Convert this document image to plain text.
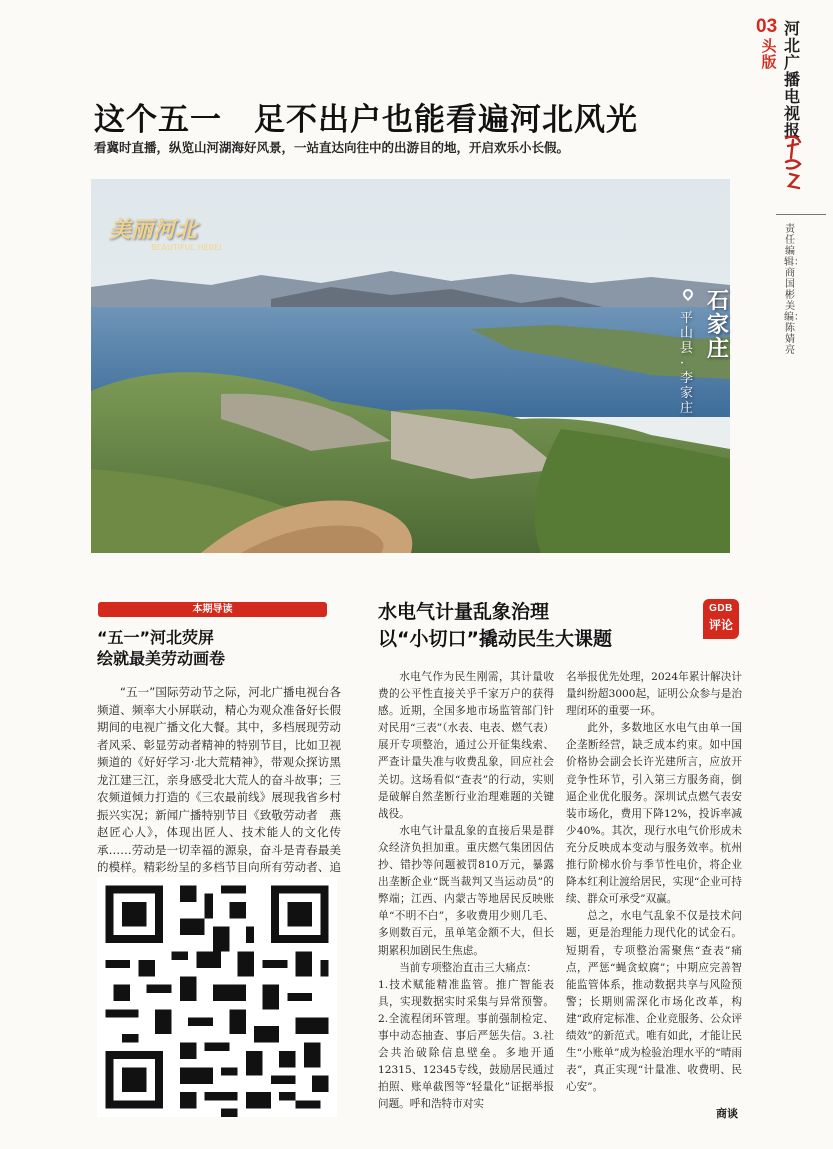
03
头版
河北广播电视报
责任编辑：商国彬 美编：陈婧亮
这个五一　足不出户也能看遍河北风光
看冀时直播，纵览山河湖海好风景，一站直达向往中的出游目的地，开启欢乐小长假。
美丽河北
BEAUTIFUL HEBEI
石家庄
平山县·李家庄
本期导读
“五一”河北荧屏
绘就最美劳动画卷
“五一”国际劳动节之际，河北广播电视台各频道、频率大小屏联动，精心为观众准备好长假期间的电视广播文化大餐。其中，多档展现劳动者风采、彰显劳动者精神的特别节目，比如卫视频道的《好好学习·北大荒精神》，带观众探访黑龙江建三江，亲身感受北大荒人的奋斗故事；三农频道倾力打造的《三农最前线》展现我省乡村振兴实况；新闻广播特别节目《致敬劳动者　燕赵匠心人》，体现出匠人、技术能人的文化传承……劳动是一切幸福的源泉，奋斗是青春最美的模样。精彩纷呈的多档节目向所有劳动者、追　
水电气计量乱象治理
以“小切口”撬动民生大课题
GDB
评论

水电气作为民生刚需，其计量收费的公平性直接关乎千家万户的获得感。近期，全国多地市场监管部门针对民用“三表”（水表、电表、燃气表）展开专项整治，通过公开征集线索、严查计量失准与收费乱象，回应社会关切。这场看似“查表”的行动，实则是破解自然垄断行业治理难题的关键战役。

水电气计量乱象的直接后果是群众经济负担加重。重庆燃气集团因估抄、错抄等问题被罚810万元，暴露出垄断企业“既当裁判又当运动员”的弊端；江西、内蒙古等地居民反映账单“不明不白”，多收费用少则几毛、多则数百元，虽单笔金额不大，但长期累积加剧民生焦虑。

当前专项整治直击三大痛点：

1.技术赋能精准监管。推广智能表具，实现数据实时采集与异常预警。2.全流程闭环管理。事前强制检定、事中动态抽查、事后严惩失信。3.社会共治破除信息壁垒。多地开通12315、12345专线，鼓励居民通过拍照、账单截图等“轻量化”证据举报问题。呼和浩特市对实

名举报优先处理，2024年累计解决计量纠纷超3000起，证明公众参与是治理闭环的重要一环。

此外，多数地区水电气由单一国企垄断经营，缺乏成本约束。如中国价格协会副会长许光建所言，应放开竞争性环节，引入第三方服务商，倒逼企业优化服务。深圳试点燃气表安装市场化，费用下降12%，投诉率减少40%。其次，现行水电气价形成未充分反映成本变动与服务效率。杭州推行阶梯水价与季节性电价，将企业降本红利让渡给居民，实现“企业可持续、群众可承受”双赢。

总之，水电气乱象不仅是技术问题，更是治理能力现代化的试金石。短期看，专项整治需聚焦“查表”痛点，严惩“蝇贪蚁腐”；中期应完善智能监管体系，推动数据共享与风险预警；长期则需深化市场化改革，构建“政府定标准、企业竞服务、公众评绩效”的新范式。唯有如此，才能让民生“小账单”成为检验治理水平的“晴雨表”，真正实现“计量准、收费明、民心安”。

商谈
